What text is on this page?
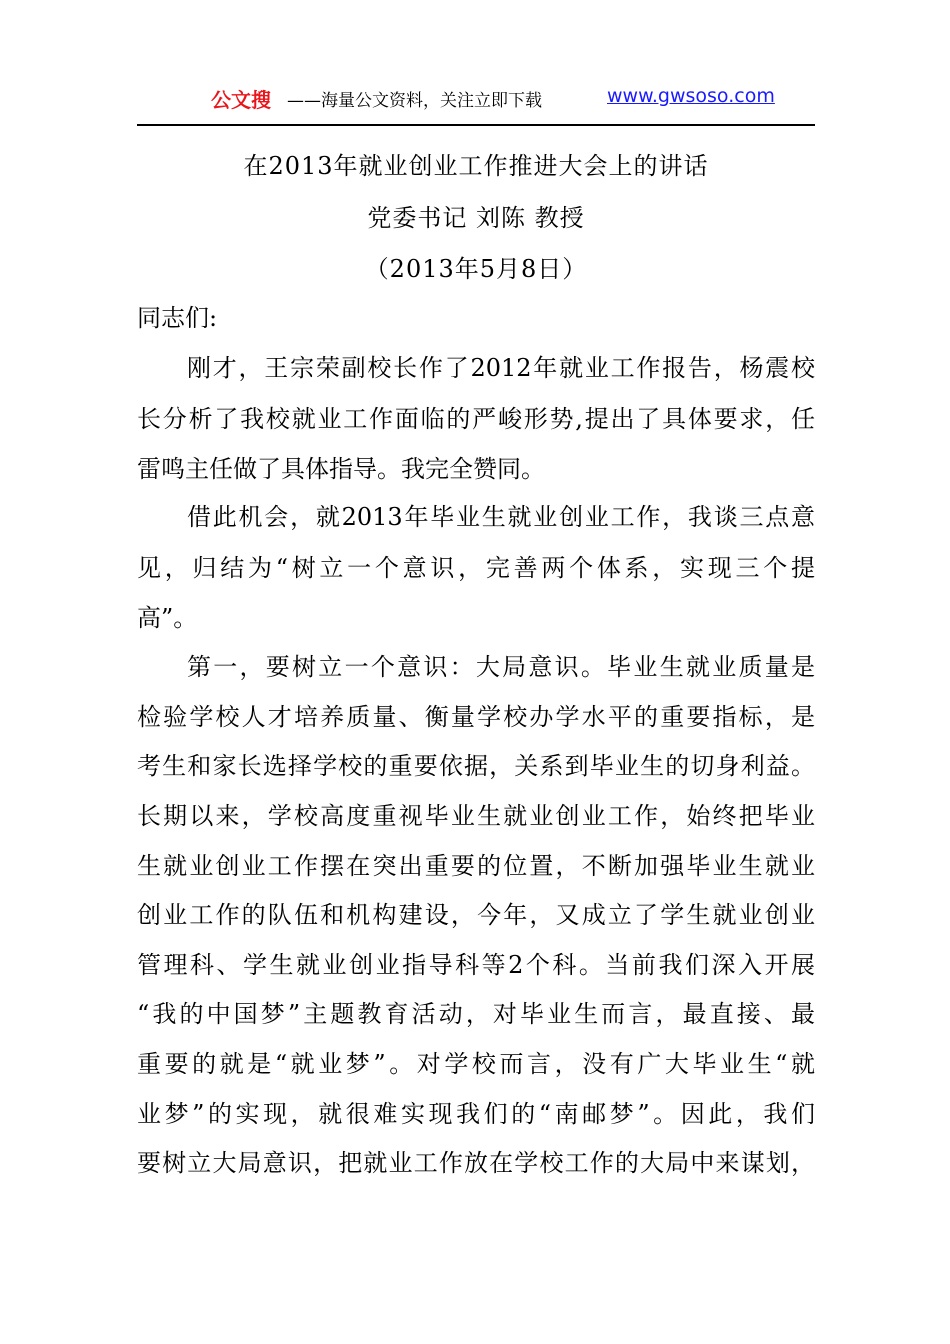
公文搜 ——海量公文资料，关注立即下载	www.gwsoso.com
在2013年就业创业工作推进大会上的讲话
党委书记 刘陈 教授
（2013年5月8日）
同志们:
刚才，王宗荣副校长作了2012年就业工作报告，杨震校
长分析了我校就业工作面临的严峻形势,提出了具体要求，任
雷鸣主任做了具体指导。我完全赞同。
借此机会，就2013年毕业生就业创业工作，我谈三点意
见，归结为“树立一个意识，完善两个体系，实现三个提
高”。
第一，要树立一个意识：大局意识。毕业生就业质量是
检验学校人才培养质量、衡量学校办学水平的重要指标，是
考生和家长选择学校的重要依据，关系到毕业生的切身利益。
长期以来，学校高度重视毕业生就业创业工作，始终把毕业
生就业创业工作摆在突出重要的位置，不断加强毕业生就业
创业工作的队伍和机构建设，今年，又成立了学生就业创业
管理科、学生就业创业指导科等2个科。当前我们深入开展
“我的中国梦”主题教育活动，对毕业生而言，最直接、最
重要的就是“就业梦”。对学校而言，没有广大毕业生“就
业梦”的实现，就很难实现我们的“南邮梦”。因此，我们
要树立大局意识，把就业工作放在学校工作的大局中来谋划，
